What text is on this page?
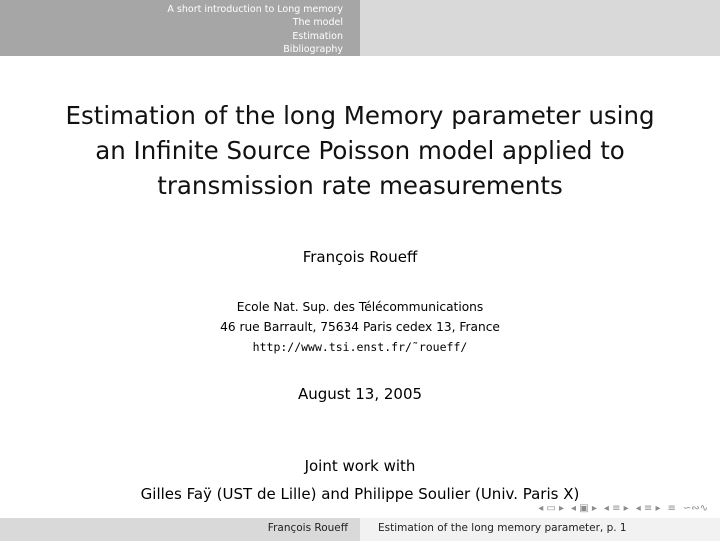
A short introduction to Long memory
The model
Estimation
Bibliography
Estimation of the long Memory parameter using
an Infinite Source Poisson model applied to
transmission rate measurements
François Roueff
Ecole Nat. Sup. des Télécommunications
46 rue Barrault, 75634 Paris cedex 13, France
http://www.tsi.enst.fr/˜roueff/
August 13, 2005
Joint work with
Gilles Faÿ (UST de Lille) and Philippe Soulier (Univ. Paris X)
◂ ▭ ▸ ◂ ▣ ▸ ◂ ≡ ▸ ◂ ≡ ▸ ≡ ∽∾∿
François Roueff	Estimation of the long memory parameter, p. 1
